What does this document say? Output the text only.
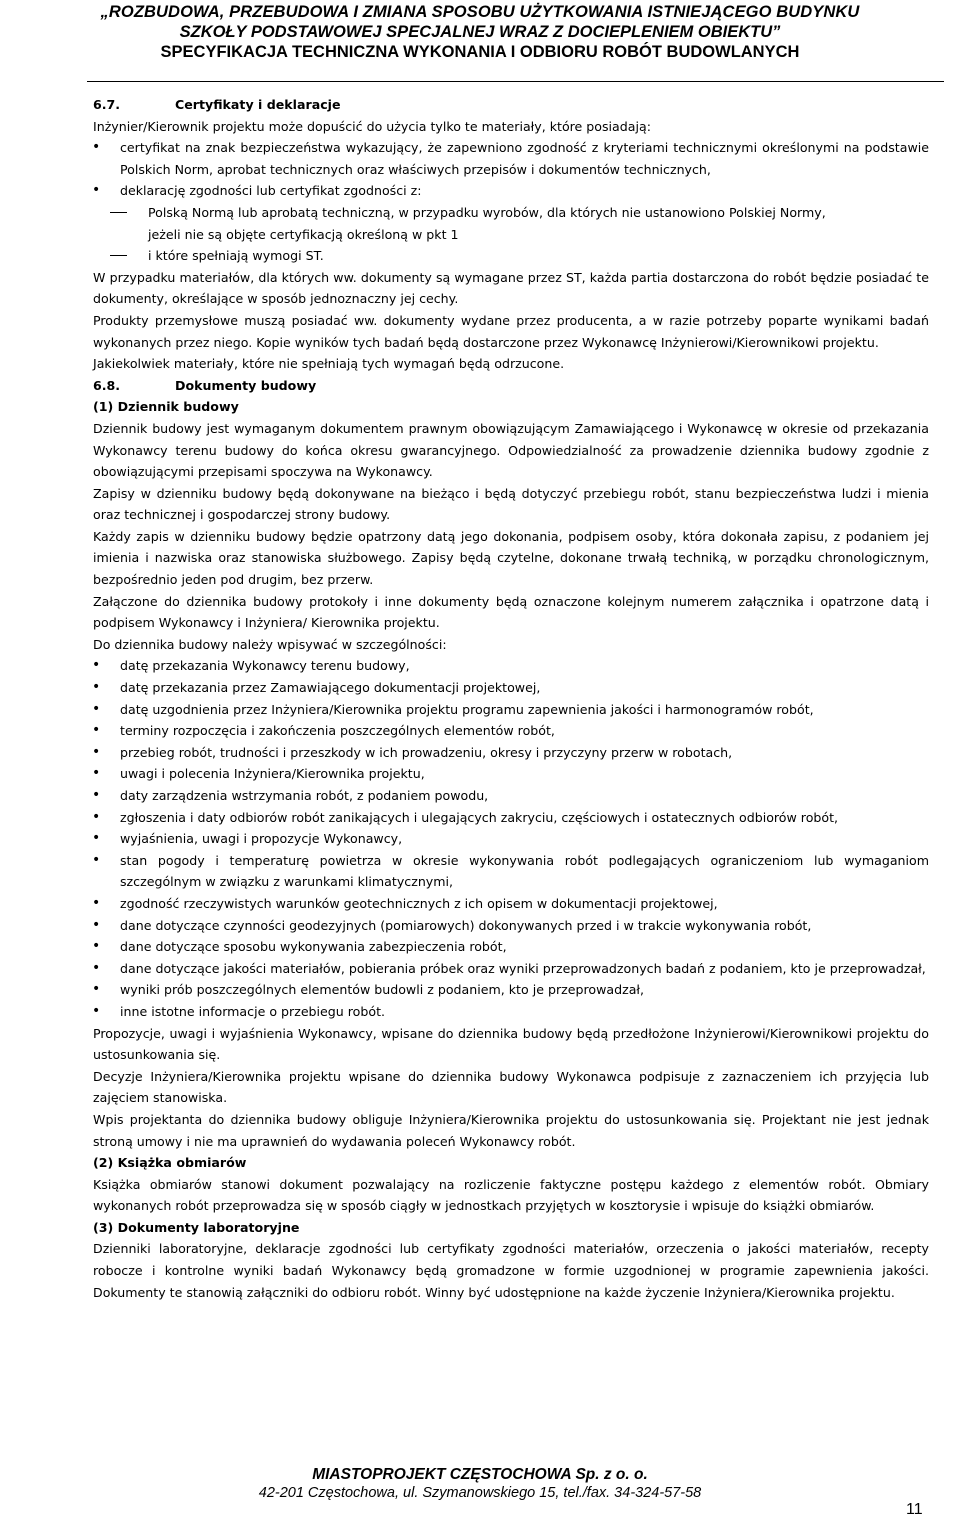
„ROZBUDOWA, PRZEBUDOWA I ZMIANA SPOSOBU UŻYTKOWANIA ISTNIEJĄCEGO BUDYNKU
SZKOŁY PODSTAWOWEJ SPECJALNEJ WRAZ Z DOCIEPLENIEM OBIEKTU”
SPECYFIKACJA TECHNICZNA WYKONANIA I ODBIORU ROBÓT BUDOWLANYCH

6.7.	Certyfikaty i deklaracje

Inżynier/Kierownik projektu może dopuścić do użycia tylko te materiały, które posiadają:

• certyfikat na znak bezpieczeństwa wykazujący, że zapewniono zgodność z kryteriami technicznymi określonymi na podstawie Polskich Norm, aprobat technicznych oraz właściwych przepisów i dokumentów technicznych,
• deklarację zgodności lub certyfikat zgodności z:
Polską Normą lub aprobatą techniczną, w przypadku wyrobów, dla których nie ustanowiono Polskiej Normy,
jeżeli nie są objęte certyfikacją określoną w pkt 1
i które spełniają wymogi ST.

W przypadku materiałów, dla których ww. dokumenty są wymagane przez ST, każda partia dostarczona do robót będzie posiadać te dokumenty, określające w sposób jednoznaczny jej cechy.

Produkty przemysłowe muszą posiadać ww. dokumenty wydane przez producenta, a w razie potrzeby poparte wynikami badań wykonanych przez niego. Kopie wyników tych badań będą dostarczone przez Wykonawcę Inżynierowi/Kierownikowi projektu.

Jakiekolwiek materiały, które nie spełniają tych wymagań będą odrzucone.

6.8.	Dokumenty budowy

(1) Dziennik budowy

Dziennik budowy jest wymaganym dokumentem prawnym obowiązującym Zamawiającego i Wykonawcę w okresie od przekazania Wykonawcy terenu budowy do końca okresu gwarancyjnego. Odpowiedzialność za prowadzenie dziennika budowy zgodnie z obowiązującymi przepisami spoczywa na Wykonawcy.

Zapisy w dzienniku budowy będą dokonywane na bieżąco i będą dotyczyć przebiegu robót, stanu bezpieczeństwa ludzi i mienia oraz technicznej i gospodarczej strony budowy.

Każdy zapis w dzienniku budowy będzie opatrzony datą jego dokonania, podpisem osoby, która dokonała zapisu, z podaniem jej imienia i nazwiska oraz stanowiska służbowego. Zapisy będą czytelne, dokonane trwałą techniką, w porządku chronologicznym, bezpośrednio jeden pod drugim, bez przerw.

Załączone do dziennika budowy protokoły i inne dokumenty będą oznaczone kolejnym numerem załącznika i opatrzone datą i podpisem Wykonawcy i Inżyniera/ Kierownika projektu.

Do dziennika budowy należy wpisywać w szczególności:

• datę przekazania Wykonawcy terenu budowy,
• datę przekazania przez Zamawiającego dokumentacji projektowej,
• datę uzgodnienia przez Inżyniera/Kierownika projektu programu zapewnienia jakości i harmonogramów robót,
• terminy rozpoczęcia i zakończenia poszczególnych elementów robót,
• przebieg robót, trudności i przeszkody w ich prowadzeniu, okresy i przyczyny przerw w robotach,
• uwagi i polecenia Inżyniera/Kierownika projektu,
• daty zarządzenia wstrzymania robót, z podaniem powodu,
• zgłoszenia i daty odbiorów robót zanikających i ulegających zakryciu, częściowych i ostatecznych odbiorów robót,
• wyjaśnienia, uwagi i propozycje Wykonawcy,
• stan pogody i temperaturę powietrza w okresie wykonywania robót podlegających ograniczeniom lub wymaganiom szczególnym w związku z warunkami klimatycznymi,
• zgodność rzeczywistych warunków geotechnicznych z ich opisem w dokumentacji projektowej,
• dane dotyczące czynności geodezyjnych (pomiarowych) dokonywanych przed i w trakcie wykonywania robót,
• dane dotyczące sposobu wykonywania zabezpieczenia robót,
• dane dotyczące jakości materiałów, pobierania próbek oraz wyniki przeprowadzonych badań z podaniem, kto je przeprowadzał,
• wyniki prób poszczególnych elementów budowli z podaniem, kto je przeprowadzał,
• inne istotne informacje o przebiegu robót.

Propozycje, uwagi i wyjaśnienia Wykonawcy, wpisane do dziennika budowy będą przedłożone Inżynierowi/Kierownikowi projektu do ustosunkowania się.

Decyzje Inżyniera/Kierownika projektu wpisane do dziennika budowy Wykonawca podpisuje z zaznaczeniem ich przyjęcia lub zajęciem stanowiska.

Wpis projektanta do dziennika budowy obliguje Inżyniera/Kierownika projektu do ustosunkowania się. Projektant nie jest jednak stroną umowy i nie ma uprawnień do wydawania poleceń Wykonawcy robót.

(2) Książka obmiarów

Książka obmiarów stanowi dokument pozwalający na rozliczenie faktyczne postępu każdego z elementów robót. Obmiary wykonanych robót przeprowadza się w sposób ciągły w jednostkach przyjętych w kosztorysie i wpisuje do książki obmiarów.

(3) Dokumenty laboratoryjne

Dzienniki laboratoryjne, deklaracje zgodności lub certyfikaty zgodności materiałów, orzeczenia o jakości materiałów, recepty robocze i kontrolne wyniki badań Wykonawcy będą gromadzone w formie uzgodnionej w programie zapewnienia jakości. Dokumenty te stanowią załączniki do odbioru robót. Winny być udostępnione na każde życzenie Inżyniera/Kierownika projektu.

MIASTOPROJEKT CZĘSTOCHOWA Sp. z o. o.
42-201 Częstochowa, ul. Szymanowskiego 15, tel./fax. 34-324-57-58
11
